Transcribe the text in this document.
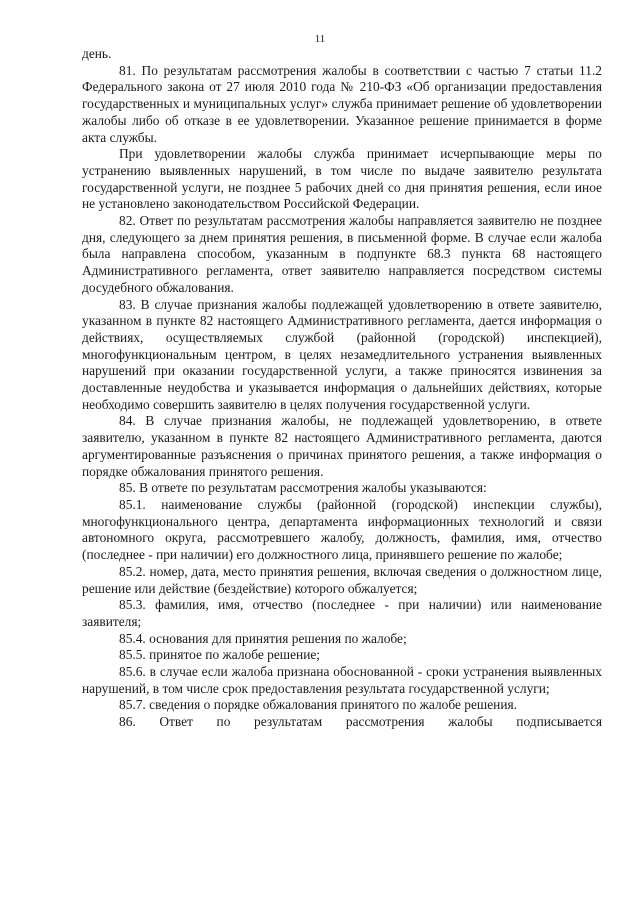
11

день.

81. По результатам рассмотрения жалобы в соответствии с частью 7 статьи 11.2 Федерального закона от 27 июля 2010 года № 210-ФЗ «Об организации предоставления государственных и муниципальных услуг» служба принимает решение об удовлетворении жалобы либо об отказе в ее удовлетворении. Указанное решение принимается в форме акта службы.

При удовлетворении жалобы служба принимает исчерпывающие меры по устранению выявленных нарушений, в том числе по выдаче заявителю результата государственной услуги, не позднее 5 рабочих дней со дня принятия решения, если иное не установлено законодательством Российской Федерации.

82. Ответ по результатам рассмотрения жалобы направляется заявителю не позднее дня, следующего за днем принятия решения, в письменной форме. В случае если жалоба была направлена способом, указанным в подпункте 68.3 пункта 68 настоящего Административного регламента, ответ заявителю направляется посредством системы досудебного обжалования.

83. В случае признания жалобы подлежащей удовлетворению в ответе заявителю, указанном в пункте 82 настоящего Административного регламента, дается информация о действиях, осуществляемых службой (районной (городской) инспекцией), многофункциональным центром, в целях незамедлительного устранения выявленных нарушений при оказании государственной услуги, а также приносятся извинения за доставленные неудобства и указывается информация о дальнейших действиях, которые необходимо совершить заявителю в целях получения государственной услуги.

84. В случае признания жалобы, не подлежащей удовлетворению, в ответе заявителю, указанном в пункте 82 настоящего Административного регламента, даются аргументированные разъяснения о причинах принятого решения, а также информация о порядке обжалования принятого решения.

85. В ответе по результатам рассмотрения жалобы указываются:

85.1. наименование службы (районной (городской) инспекции службы), многофункционального центра, департамента информационных технологий и связи автономного округа, рассмотревшего жалобу, должность, фамилия, имя, отчество (последнее - при наличии) его должностного лица, принявшего решение по жалобе;

85.2. номер, дата, место принятия решения, включая сведения о должностном лице, решение или действие (бездействие) которого обжалуется;

85.3. фамилия, имя, отчество (последнее - при наличии) или наименование заявителя;

85.4. основания для принятия решения по жалобе;

85.5. принятое по жалобе решение;

85.6. в случае если жалоба признана обоснованной - сроки устранения выявленных нарушений, в том числе срок предоставления результата государственной услуги;

85.7. сведения о порядке обжалования принятого по жалобе решения.

86. Ответ по результатам рассмотрения жалобы подписывается
